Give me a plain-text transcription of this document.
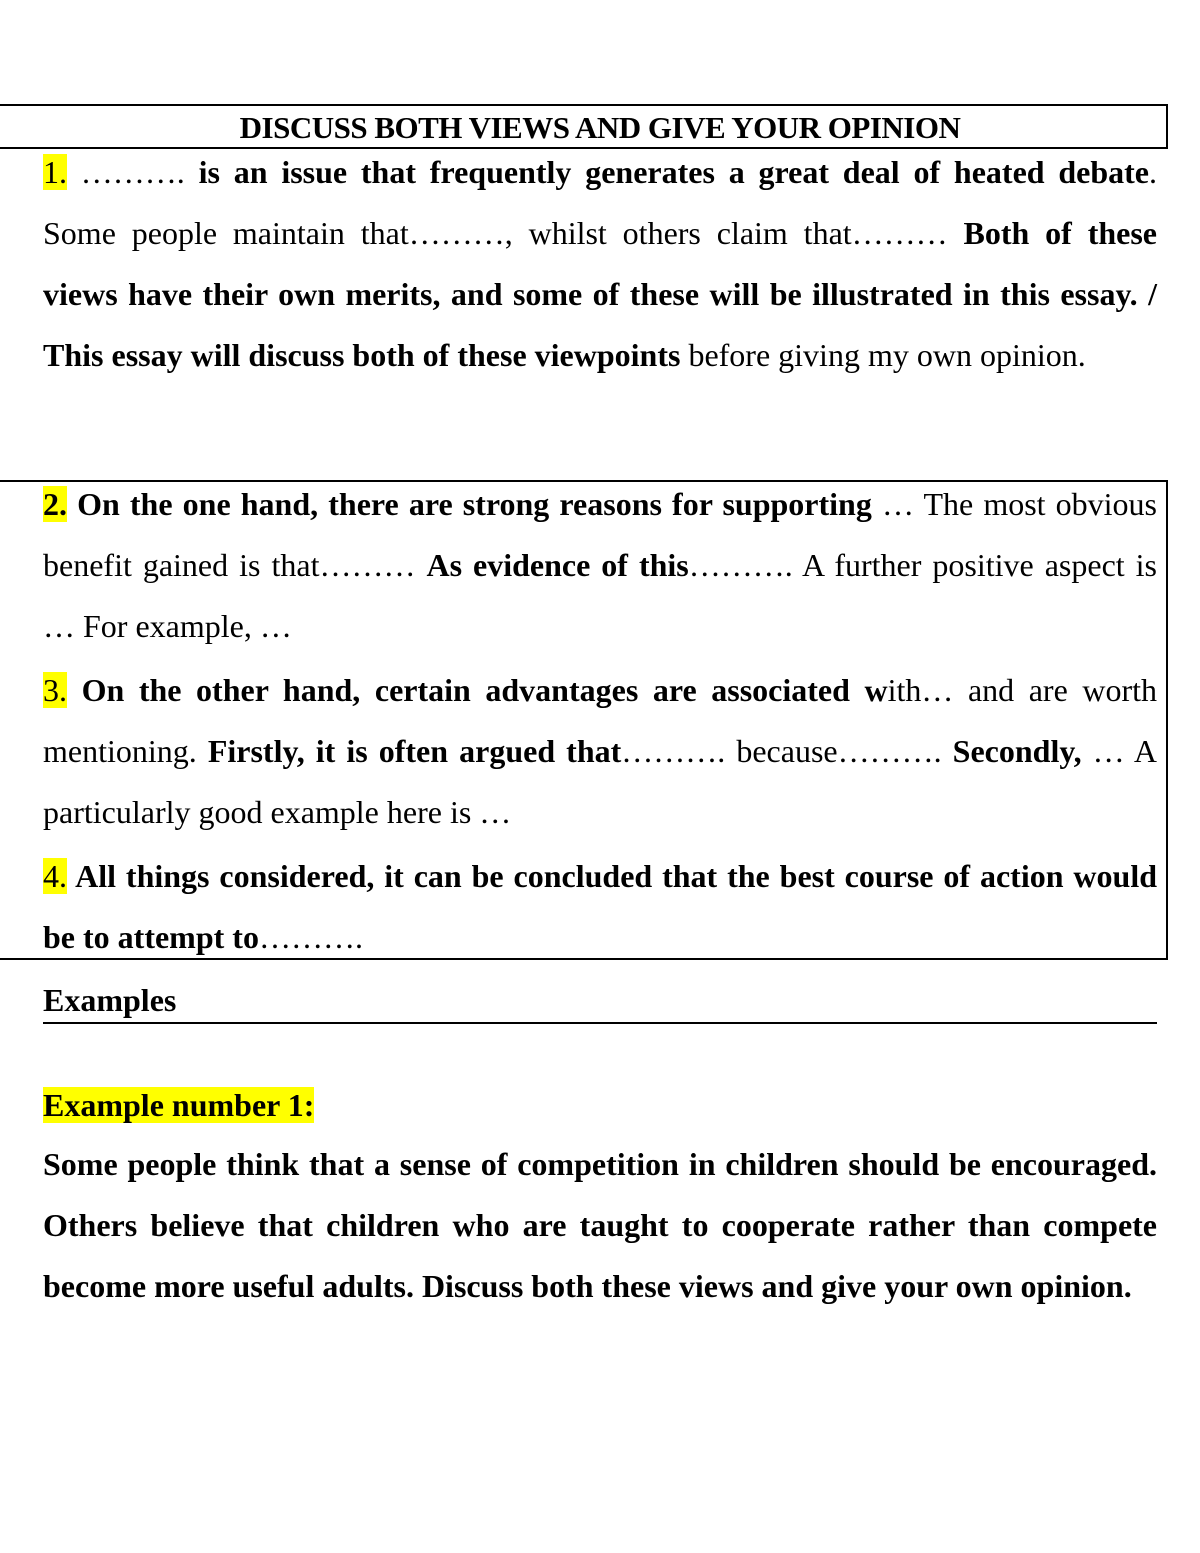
DISCUSS BOTH VIEWS AND GIVE YOUR OPINION
1. ………. is an issue that frequently generates a great deal of heated debate. Some people maintain that………, whilst others claim that……… Both of these views have their own merits, and some of these will be illustrated in this essay. / This essay will discuss both of these viewpoints before giving my own opinion.
2. On the one hand, there are strong reasons for supporting … The most obvious benefit gained is that……… As evidence of this………. A further positive aspect is … For example, …
3. On the other hand, certain advantages are associated with… and are worth mentioning. Firstly, it is often argued that………. because………. Secondly, … A particularly good example here is …
4. All things considered, it can be concluded that the best course of action would be to attempt to……….
Examples
Example number 1:
Some people think that a sense of competition in children should be encouraged. Others believe that children who are taught to cooperate rather than compete become more useful adults. Discuss both these views and give your own opinion.
